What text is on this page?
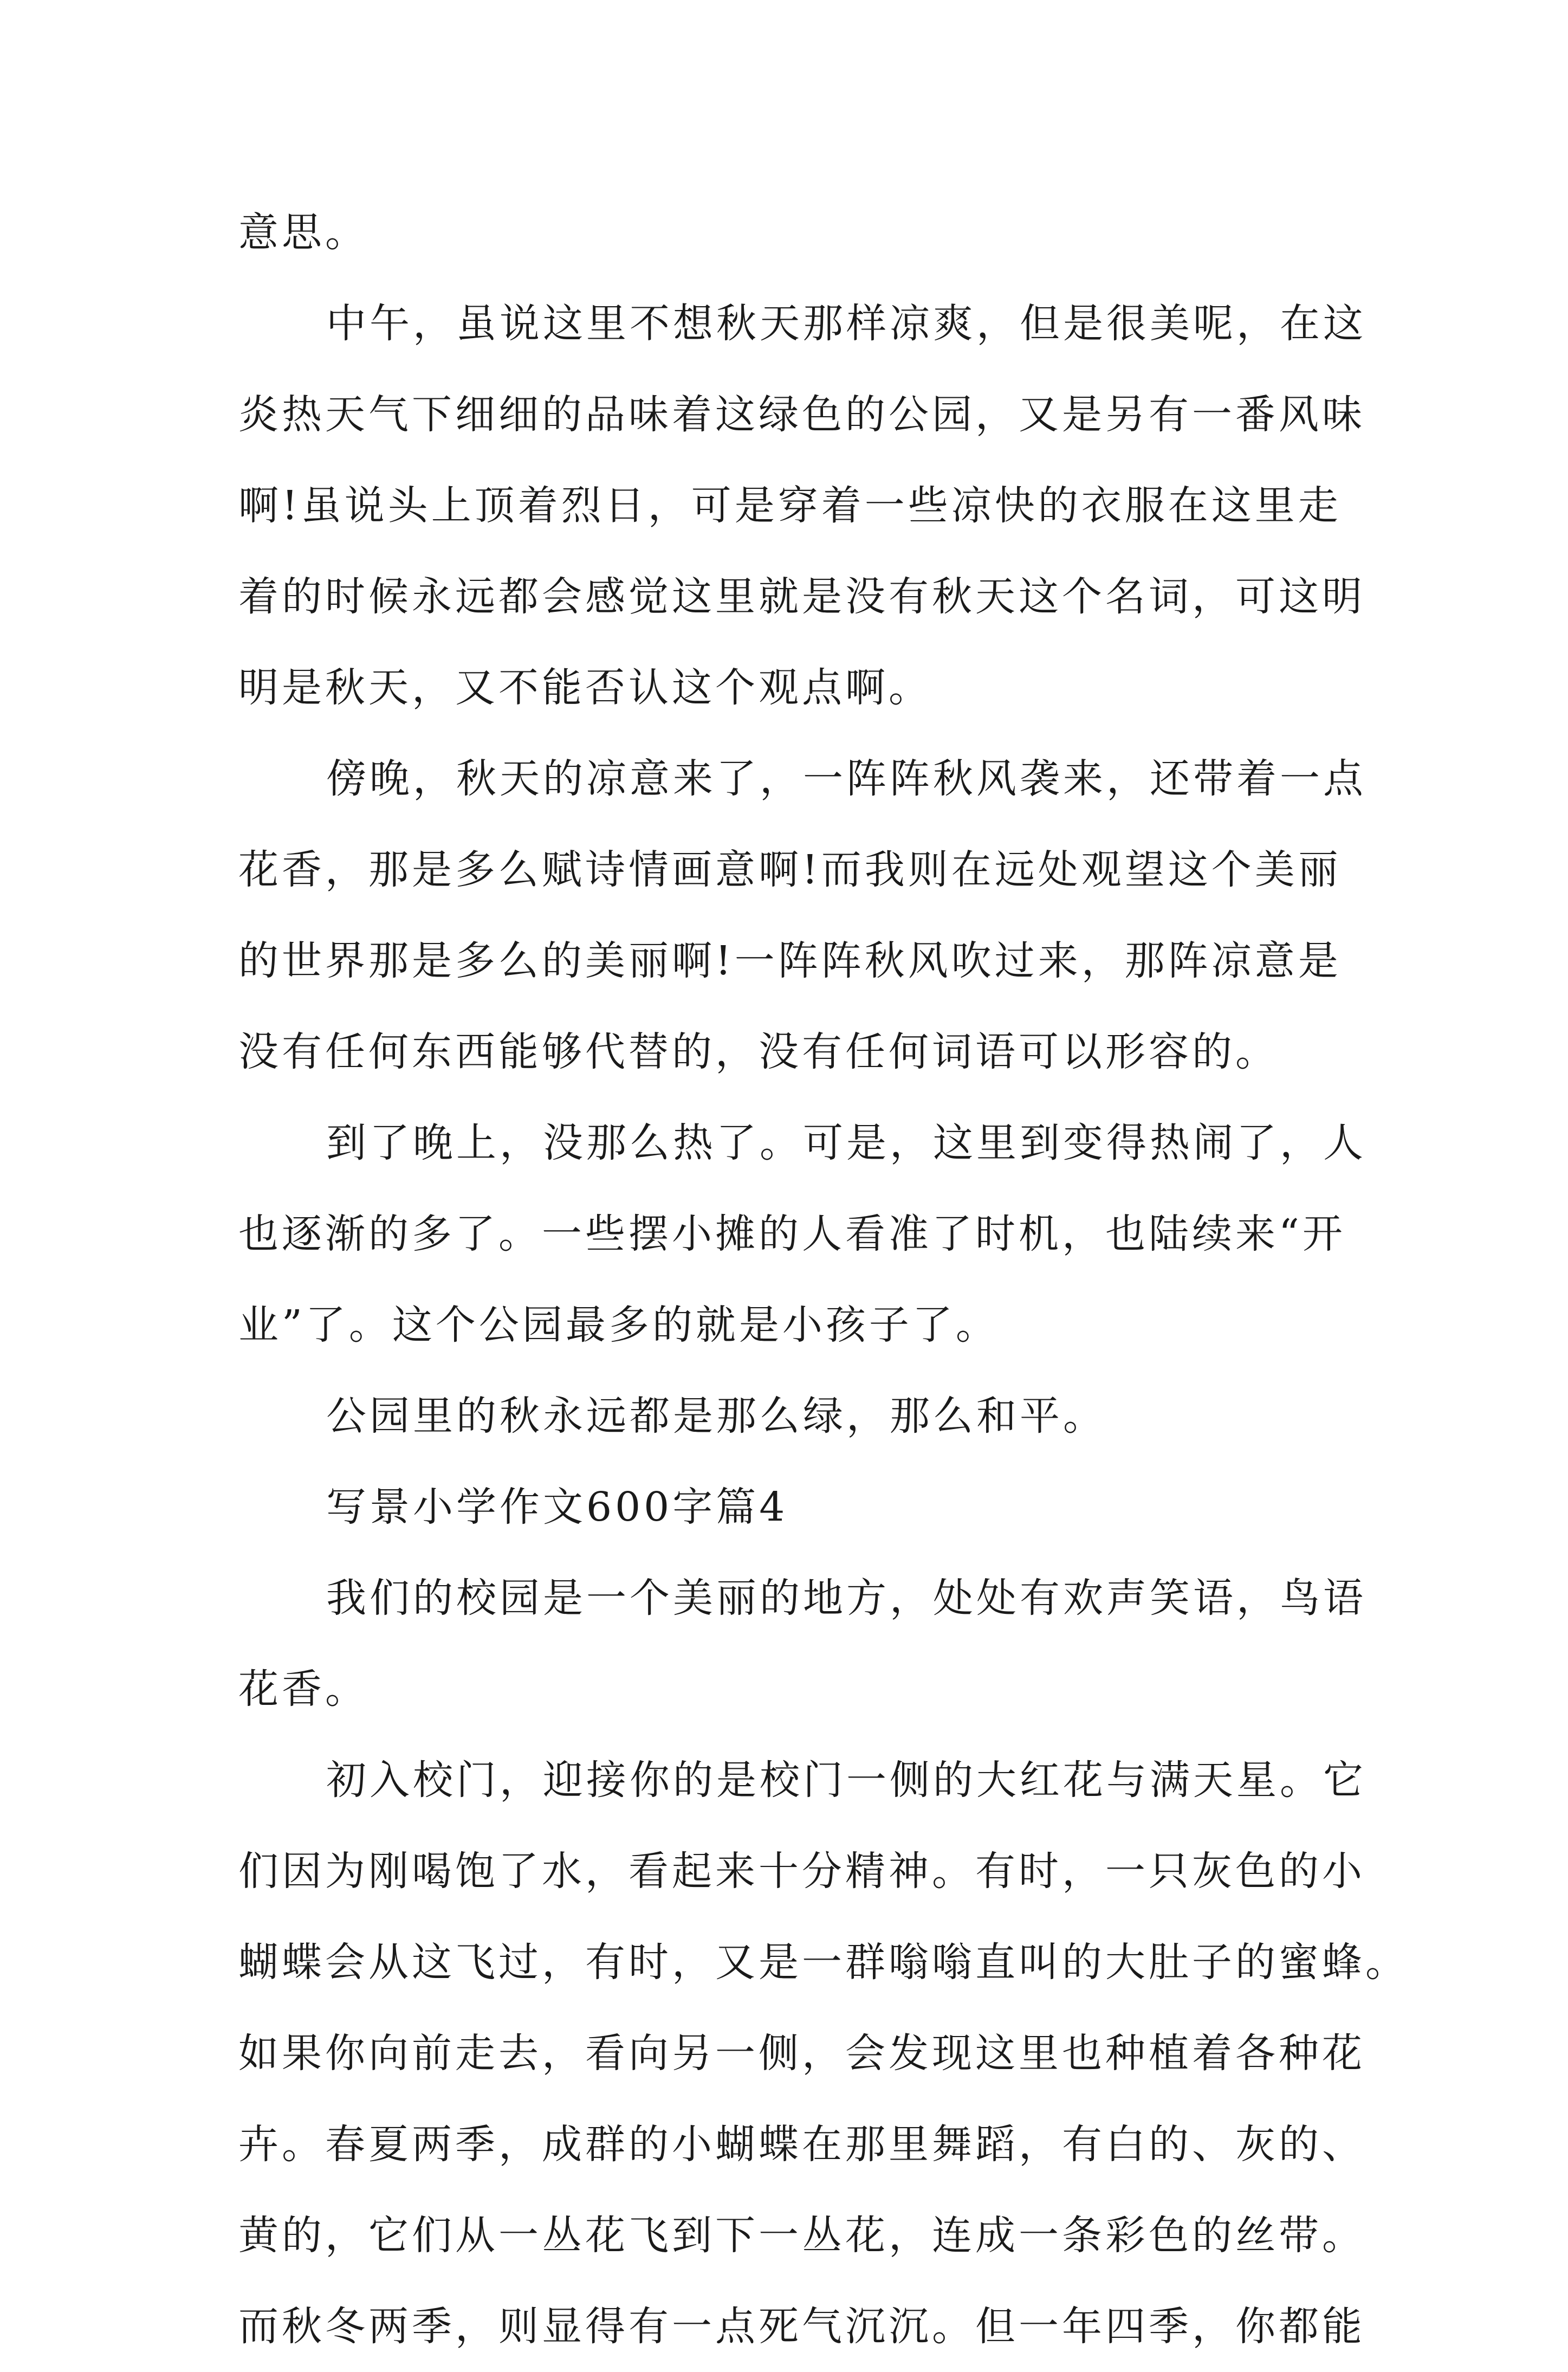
意思。
中午，虽说这里不想秋天那样凉爽，但是很美呢，在这
炎热天气下细细的品味着这绿色的公园，又是另有一番风味
啊!虽说头上顶着烈日，可是穿着一些凉快的衣服在这里走
着的时候永远都会感觉这里就是没有秋天这个名词，可这明
明是秋天，又不能否认这个观点啊。
傍晚，秋天的凉意来了，一阵阵秋风袭来，还带着一点
花香，那是多么赋诗情画意啊!而我则在远处观望这个美丽
的世界那是多么的美丽啊!一阵阵秋风吹过来，那阵凉意是
没有任何东西能够代替的，没有任何词语可以形容的。
到了晚上，没那么热了。可是，这里到变得热闹了，人
也逐渐的多了。一些摆小摊的人看准了时机，也陆续来“开
业”了。这个公园最多的就是小孩子了。
公园里的秋永远都是那么绿，那么和平。
写景小学作文600字篇4
我们的校园是一个美丽的地方，处处有欢声笑语，鸟语
花香。
初入校门，迎接你的是校门一侧的大红花与满天星。它
们因为刚喝饱了水，看起来十分精神。有时，一只灰色的小
蝴蝶会从这飞过，有时，又是一群嗡嗡直叫的大肚子的蜜蜂。
如果你向前走去，看向另一侧，会发现这里也种植着各种花
卉。春夏两季，成群的小蝴蝶在那里舞蹈，有白的、灰的、
黄的，它们从一丛花飞到下一丛花，连成一条彩色的丝带。
而秋冬两季，则显得有一点死气沉沉。但一年四季，你都能
